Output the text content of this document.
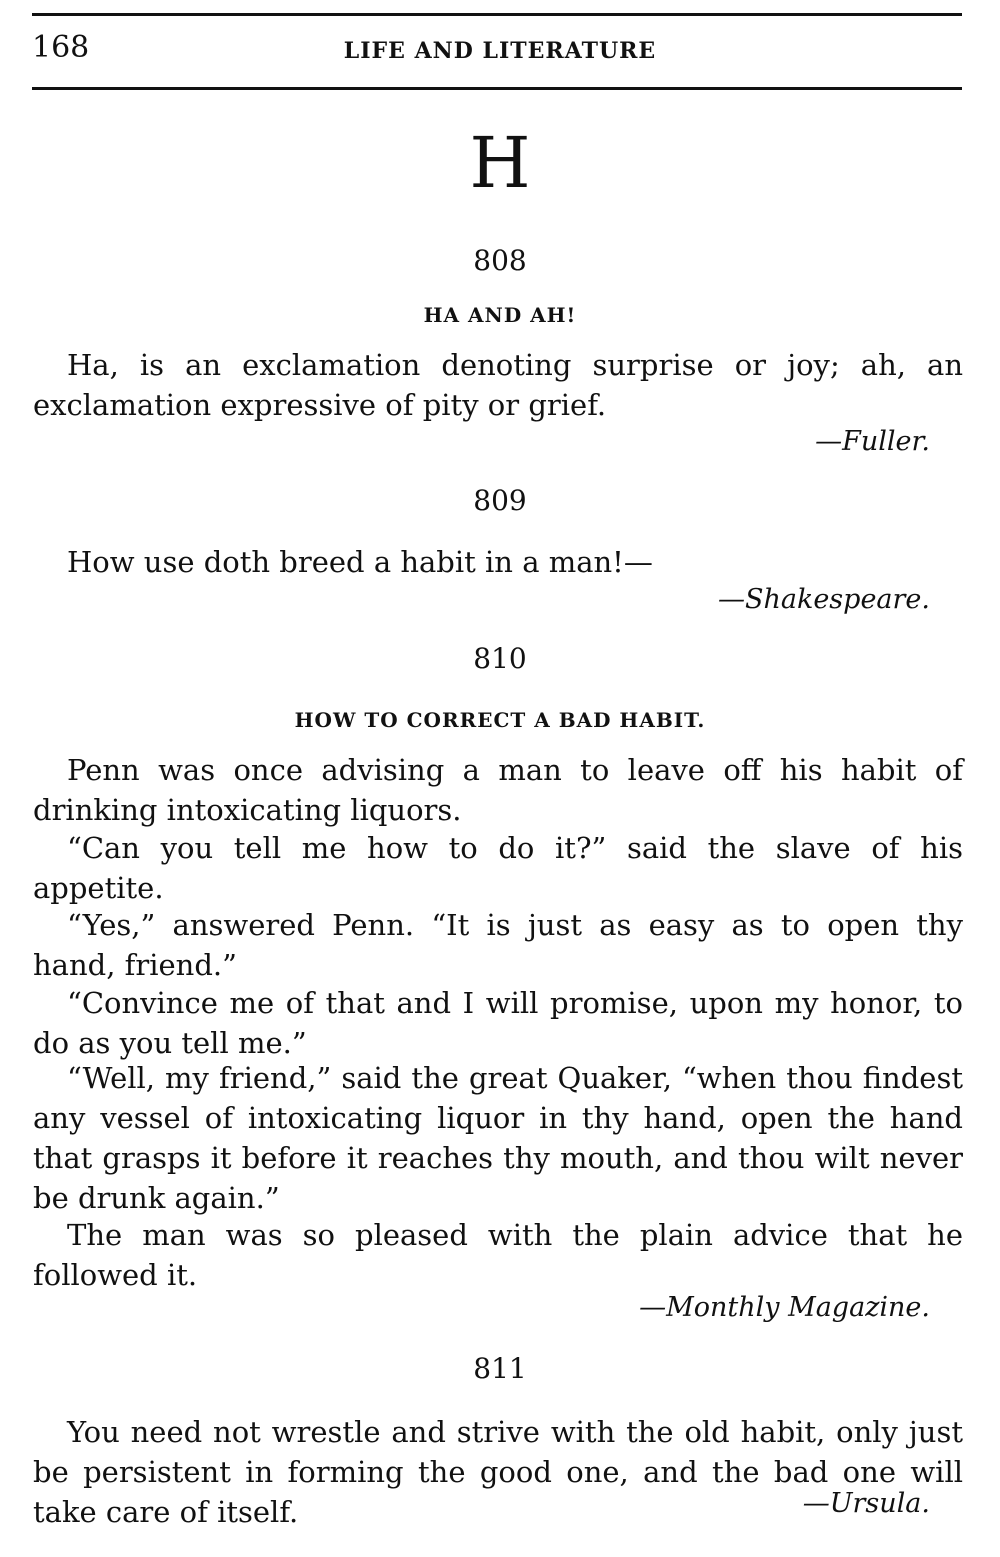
168	LIFE AND LITERATURE
H
808
HA AND AH!
Ha, is an exclamation denoting surprise or joy; ah, an exclamation expressive of pity or grief.
—Fuller.
809
How use doth breed a habit in a man!—
—Shakespeare.
810
HOW TO CORRECT A BAD HABIT.
Penn was once advising a man to leave off his habit of drinking intoxicating liquors.
“Can you tell me how to do it?” said the slave of his appetite.
“Yes,” answered Penn. “It is just as easy as to open thy hand, friend.”
“Convince me of that and I will promise, upon my honor, to do as you tell me.”
“Well, my friend,” said the great Quaker, “when thou findest any vessel of intoxicating liquor in thy hand, open the hand that grasps it before it reaches thy mouth, and thou wilt never be drunk again.”
The man was so pleased with the plain advice that he followed it.
—Monthly Magazine.
811
You need not wrestle and strive with the old habit, only just be persistent in forming the good one, and the bad one will take care of itself.	—Ursula.
